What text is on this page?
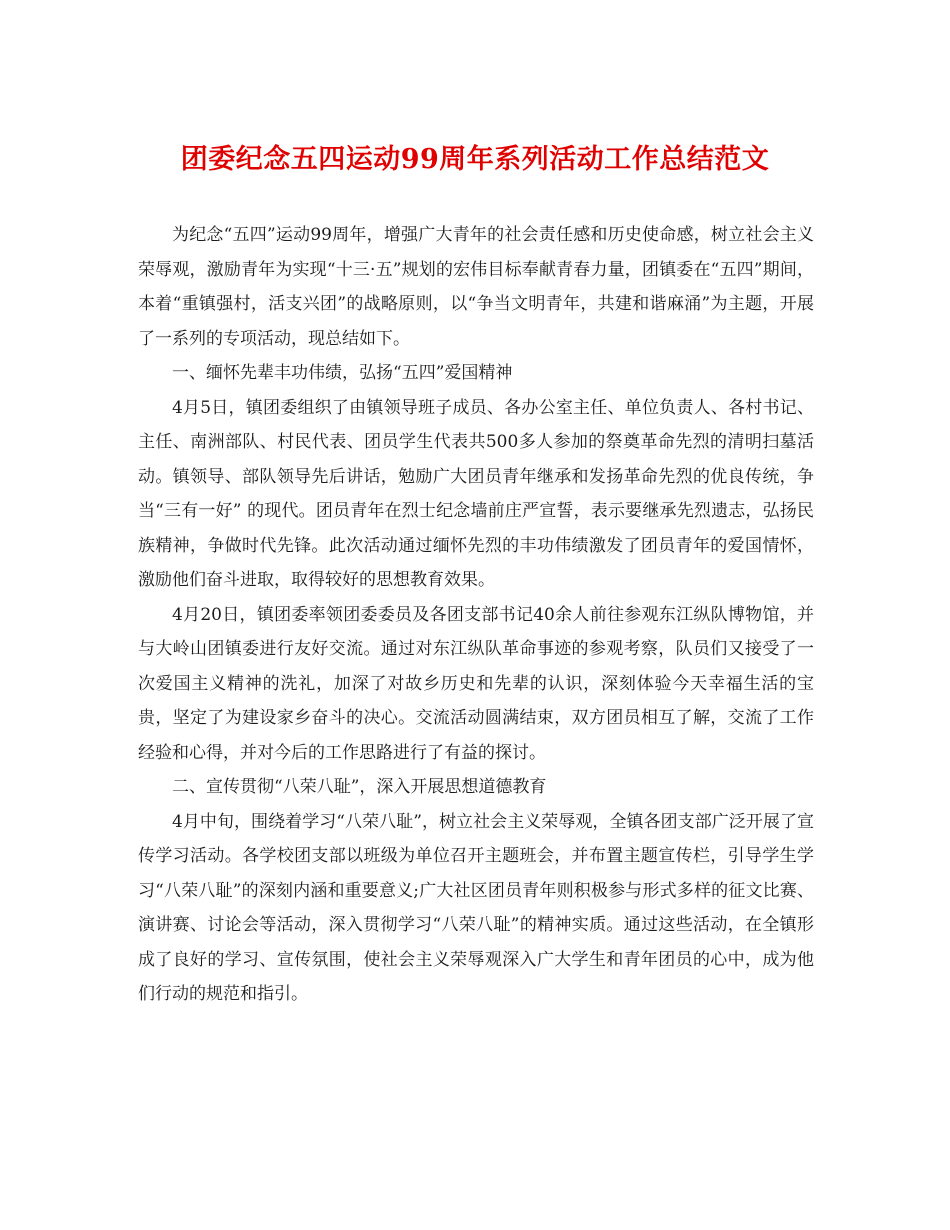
团委纪念五四运动99周年系列活动工作总结范文

为纪念“五四”运动99周年，增强广大青年的社会责任感和历史使命感，树立社会主义荣辱观，激励青年为实现“十三·五”规划的宏伟目标奉献青春力量，团镇委在“五四”期间，本着“重镇强村，活支兴团”的战略原则，以“争当文明青年，共建和谐麻涌”为主题，开展了一系列的专项活动，现总结如下。

一、缅怀先辈丰功伟绩，弘扬“五四”爱国精神

4月5日，镇团委组织了由镇领导班子成员、各办公室主任、单位负责人、各村书记、主任、南洲部队、村民代表、团员学生代表共500多人参加的祭奠革命先烈的清明扫墓活动。镇领导、部队领导先后讲话，勉励广大团员青年继承和发扬革命先烈的优良传统，争当“三有一好” 的现代。团员青年在烈士纪念墙前庄严宣誓，表示要继承先烈遗志，弘扬民族精神，争做时代先锋。此次活动通过缅怀先烈的丰功伟绩激发了团员青年的爱国情怀，激励他们奋斗进取，取得较好的思想教育效果。

4月20日，镇团委率领团委委员及各团支部书记40余人前往参观东江纵队博物馆，并与大岭山团镇委进行友好交流。通过对东江纵队革命事迹的参观考察，队员们又接受了一次爱国主义精神的洗礼，加深了对故乡历史和先辈的认识，深刻体验今天幸福生活的宝贵，坚定了为建设家乡奋斗的决心。交流活动圆满结束，双方团员相互了解，交流了工作经验和心得，并对今后的工作思路进行了有益的探讨。

二、宣传贯彻“八荣八耻”，深入开展思想道德教育

4月中旬，围绕着学习“八荣八耻”，树立社会主义荣辱观，全镇各团支部广泛开展了宣传学习活动。各学校团支部以班级为单位召开主题班会，并布置主题宣传栏，引导学生学习“八荣八耻”的深刻内涵和重要意义;广大社区团员青年则积极参与形式多样的征文比赛、演讲赛、讨论会等活动，深入贯彻学习“八荣八耻”的精神实质。通过这些活动，在全镇形成了良好的学习、宣传氛围，使社会主义荣辱观深入广大学生和青年团员的心中，成为他们行动的规范和指引。
